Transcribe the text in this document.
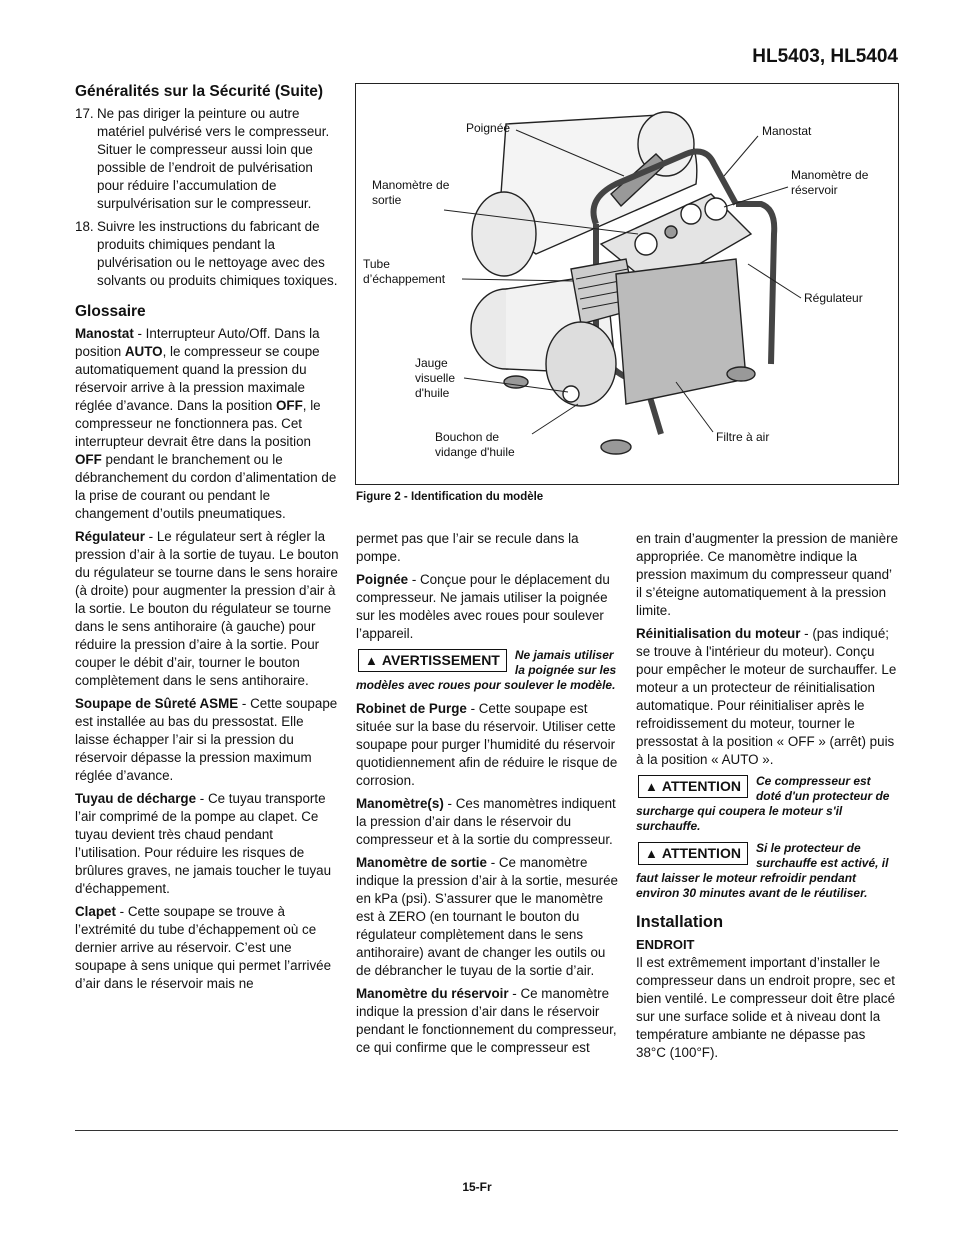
HL5403, HL5404
Généralités sur la Sécurité (Suite)
17. Ne pas diriger la peinture ou autre matériel pulvérisé vers le compresseur. Situer le compresseur aussi loin que possible de l’endroit de pulvérisation pour réduire l’accumulation de surpulvérisation sur le compresseur.
18. Suivre les instructions du fabricant de produits chimiques pendant la pulvérisation ou le nettoyage avec des solvants ou produits chimiques toxiques.
Glossaire

Manostat - Interrupteur Auto/Off. Dans la position AUTO, le compresseur se coupe automatiquement quand la pression du réservoir arrive à la pression maximale réglée d’avance. Dans la position OFF, le compresseur ne fonctionnera pas. Cet interrupteur devrait être dans la position OFF pendant le branchement ou le débranchement du cordon d’alimentation de la prise de courant ou pendant le changement d’outils pneumatiques.

Régulateur - Le régulateur sert à régler la pression d’air à la sortie de tuyau. Le bouton du régulateur se tourne dans le sens horaire (à droite) pour augmenter la pression d’air à la sortie. Le bouton du régulateur se tourne dans le sens antihoraire (à gauche) pour réduire la pression d’aire à la sortie. Pour couper le débit d’air, tourner le bouton complètement dans le sens antihoraire.

Soupape de Sûreté ASME - Cette soupape est installée au bas du pressostat. Elle laisse échapper l’air si la pression du réservoir dépasse la pression maximum réglée d’avance.

Tuyau de décharge - Ce tuyau transporte l’air comprimé de la pompe au clapet. Ce tuyau devient très chaud pendant l’utilisation. Pour réduire les risques de brûlures graves, ne jamais toucher le tuyau d'échappement.

Clapet - Cette soupape se trouve à l’extrémité du tube d’échappement où ce dernier arrive au réservoir. C’est une soupape à sens unique qui permet l’arrivée d’air dans le réservoir mais ne

Poignée	Manostat
Manomètre de sortie
Manomètre de réservoir
Tube d’échappement
Régulateur
Jauge visuelle d'huile
Bouchon de vidange d'huile
Filtre à air
Figure 2 - Identification du modèle

permet pas que l’air se recule dans la pompe.

Poignée - Conçue pour le déplacement du compresseur. Ne jamais utiliser la poignée sur les modèles avec roues pour soulever l’appareil.

▲ AVERTISSEMENT	Ne jamais utiliser la poignée sur les modèles avec roues pour soulever le modèle.

Robinet de Purge - Cette soupape est située sur la base du réservoir. Utiliser cette soupape pour purger l’humidité du réservoir quotidiennement afin de réduire le risque de corrosion.

Manomètre(s) - Ces manomètres indiquent la pression d’air dans le réservoir du compresseur et à la sortie du compresseur.

Manomètre de sortie - Ce manomètre indique la pression d’air à la sortie, mesurée en kPa (psi). S’assurer que le manomètre est à ZERO (en tournant le bouton du régulateur complètement dans le sens antihoraire) avant de changer les outils ou de débrancher le tuyau de la sortie d’air.

Manomètre du réservoir - Ce manomètre indique la pression d’air dans le réservoir pendant le fonctionnement du compresseur, ce qui confirme que le compresseur est

en train d’augmenter la pression de manière appropriée. Ce manomètre indique la pression maximum du compresseur quand’ il s’éteigne automatiquement à la pression limite.

Réinitialisation du moteur - (pas indiqué; se trouve à l'intérieur du moteur). Conçu pour empêcher le moteur de surchauffer. Le moteur a un protecteur de réinitialisation automatique. Pour réinitialiser après le refroidissement du moteur, tourner le pressostat à la position « OFF » (arrêt) puis à la position « AUTO ».

▲ ATTENTION	Ce compresseur est doté d'un protecteur de surcharge qui coupera le moteur s'il surchauffe.
▲ ATTENTION	Si le protecteur de surchauffe est activé, il faut laisser le moteur refroidir pendant environ 30 minutes avant de le réutiliser.
Installation
ENDROIT

Il est extrêmement important d’installer le compresseur dans un endroit propre, sec et bien ventilé. Le compresseur doit être placé sur une surface solide et à niveau dont la température ambiante ne dépasse pas 38°C (100°F).

15-Fr
